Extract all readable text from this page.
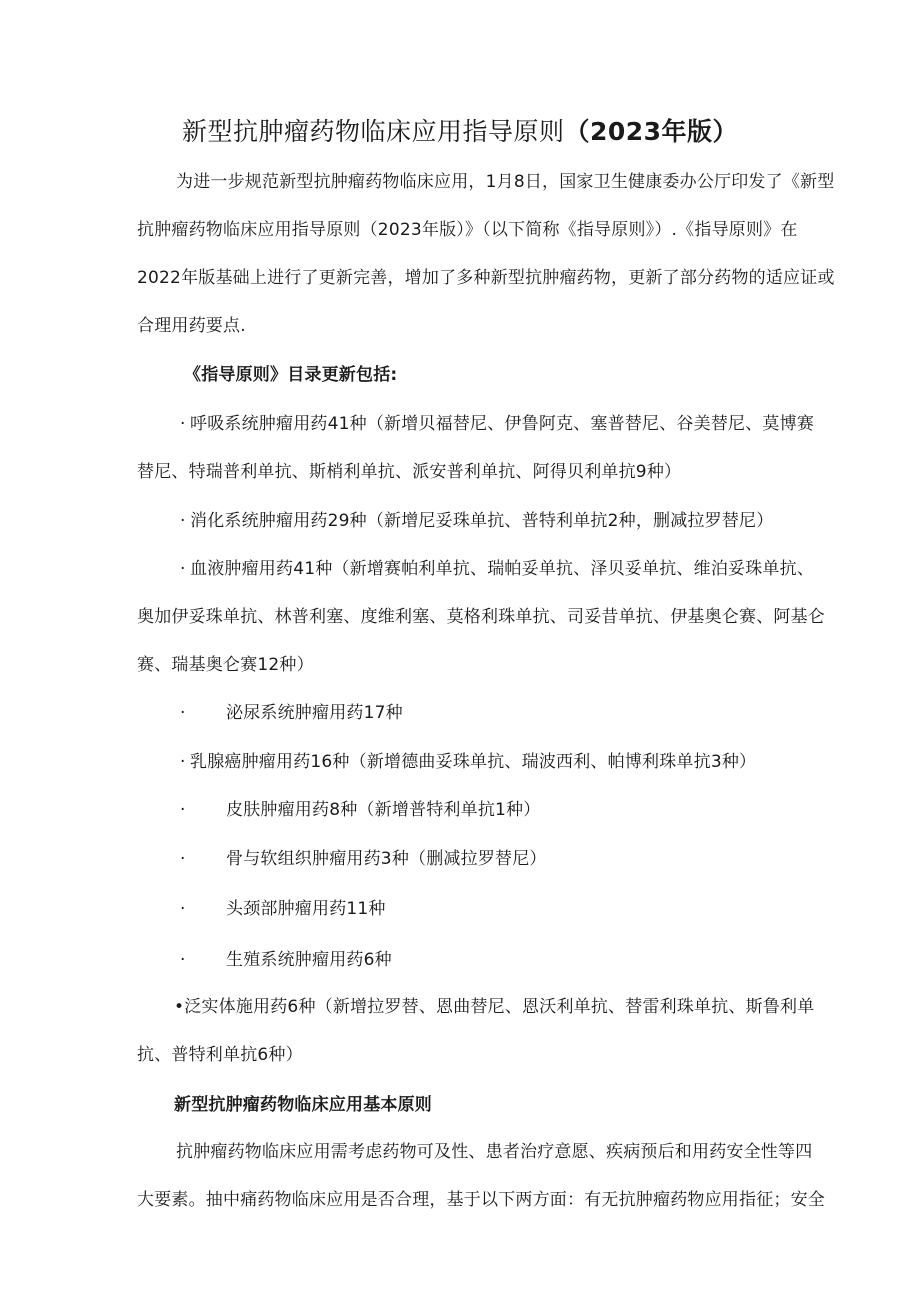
新型抗肿瘤药物临床应用指导原则（2023年版）
为进一步规范新型抗肿瘤药物临床应用，1月8日，国家卫生健康委办公厅印发了《新型
抗肿瘤药物临床应用指导原则（2023年版）》（以下简称《指导原则》）.《指导原则》在
2022年版基础上进行了更新完善，增加了多种新型抗肿瘤药物，更新了部分药物的适应证或
合理用药要点.
《指导原则》目录更新包括:
· 呼吸系统肿瘤用药41种（新增贝福替尼、伊鲁阿克、塞普替尼、谷美替尼、莫博赛
替尼、特瑞普利单抗、斯梢利单抗、派安普利单抗、阿得贝利单抗9种）
· 消化系统肿瘤用药29种（新增尼妥珠单抗、普特利单抗2种，删减拉罗替尼）
· 血液肿瘤用药41种（新增赛帕利单抗、瑞帕妥单抗、泽贝妥单抗、维泊妥珠单抗、
奥加伊妥珠单抗、林普利塞、度维利塞、莫格利珠单抗、司妥昔单抗、伊基奥仑赛、阿基仑
赛、瑞基奥仑赛12种）
· 泌尿系统肿瘤用药17种
· 乳腺癌肿瘤用药16种（新增德曲妥珠单抗、瑞波西利、帕博利珠单抗3种）
· 皮肤肿瘤用药8种（新增普特利单抗1种）
· 骨与软组织肿瘤用药3种（删减拉罗替尼）
· 头颈部肿瘤用药11种
· 生殖系统肿瘤用药6种
•泛实体施用药6种（新增拉罗替、恩曲替尼、恩沃利单抗、替雷利珠单抗、斯鲁利单
抗、普特利单抗6种）
新型抗肿瘤药物临床应用基本原则
抗肿瘤药物临床应用需考虑药物可及性、患者治疗意愿、疾病预后和用药安全性等四
大要素。抽中痛药物临床应用是否合理，基于以下两方面：有无抗肿瘤药物应用指征；安全
